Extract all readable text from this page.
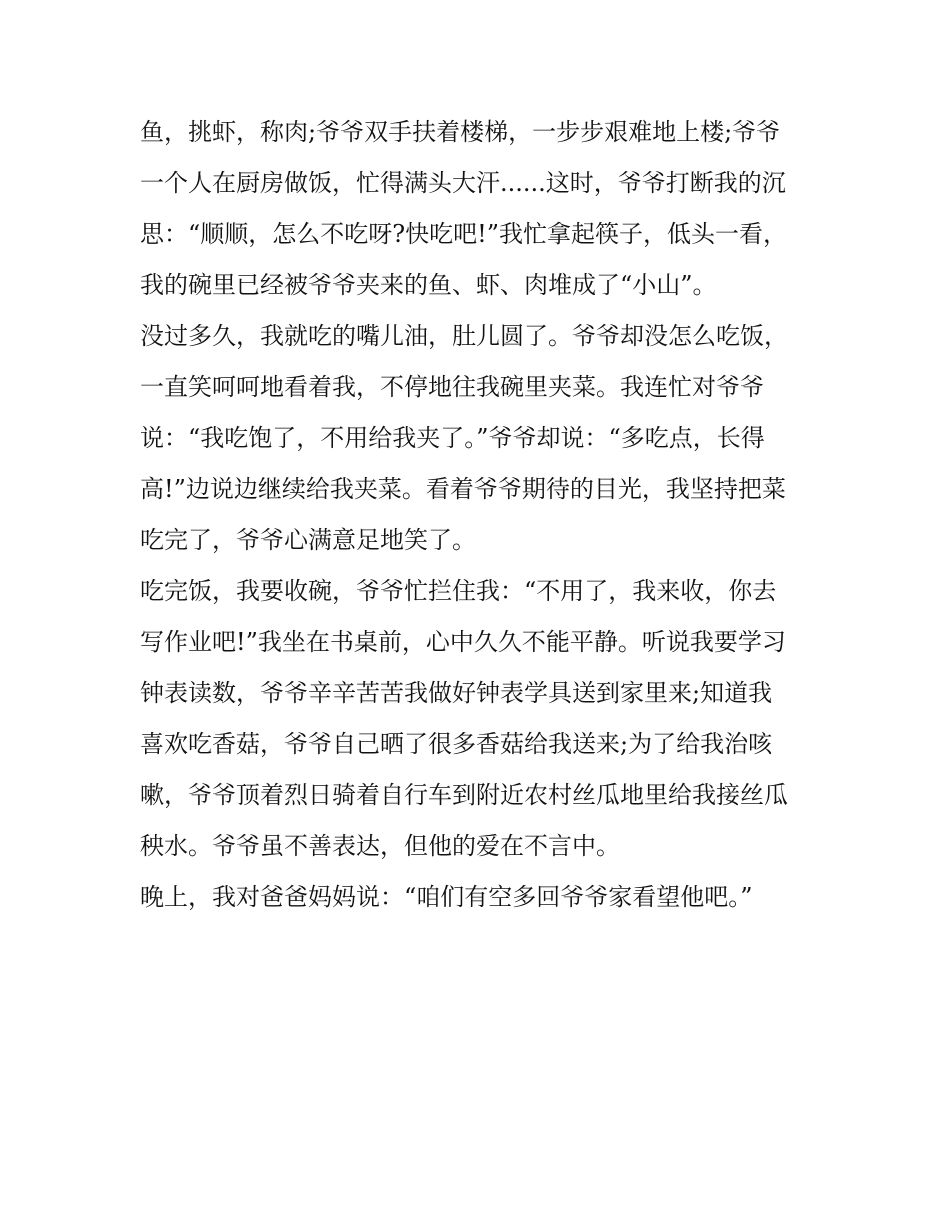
鱼，挑虾，称肉;爷爷双手扶着楼梯，一步步艰难地上楼;爷爷
一个人在厨房做饭，忙得满头大汗......这时，爷爷打断我的沉
思：“顺顺，怎么不吃呀?快吃吧!”我忙拿起筷子，低头一看，
我的碗里已经被爷爷夹来的鱼、虾、肉堆成了“小山”。
没过多久，我就吃的嘴儿油，肚儿圆了。爷爷却没怎么吃饭，
一直笑呵呵地看着我，不停地往我碗里夹菜。我连忙对爷爷
说：“我吃饱了，不用给我夹了。”爷爷却说：“多吃点，长得
高!”边说边继续给我夹菜。看着爷爷期待的目光，我坚持把菜
吃完了，爷爷心满意足地笑了。
吃完饭，我要收碗，爷爷忙拦住我：“不用了，我来收，你去
写作业吧!”我坐在书桌前，心中久久不能平静。听说我要学习
钟表读数，爷爷辛辛苦苦我做好钟表学具送到家里来;知道我
喜欢吃香菇，爷爷自己晒了很多香菇给我送来;为了给我治咳
嗽，爷爷顶着烈日骑着自行车到附近农村丝瓜地里给我接丝瓜
秧水。爷爷虽不善表达，但他的爱在不言中。
晚上，我对爸爸妈妈说：“咱们有空多回爷爷家看望他吧。”
